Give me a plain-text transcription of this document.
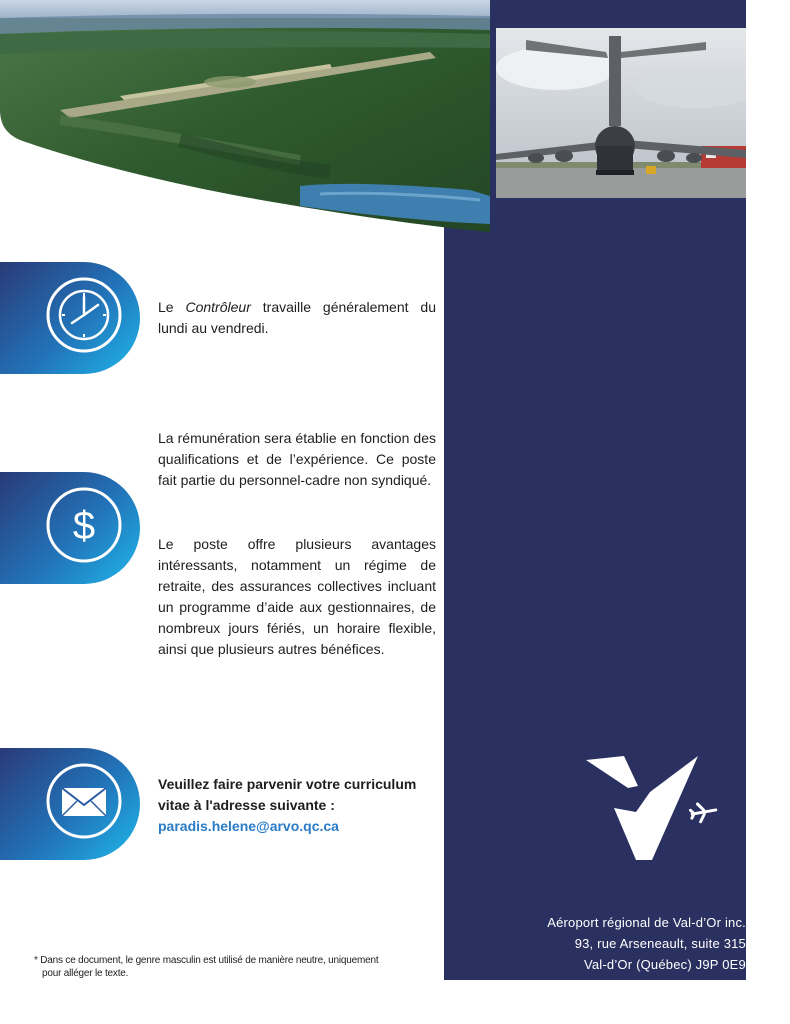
$

Le Contrôleur travaille généralement du lundi au vendredi.

La rémunération sera établie en fonction des qualifications et de l’expérience. Ce poste fait partie du personnel-cadre non syndiqué.

Le poste offre plusieurs avantages intéressants, notamment un régime de retraite, des assurances collectives incluant un programme d’aide aux gestionnaires, de nombreux jours fériés, un horaire flexible, ainsi que plusieurs autres bénéfices.

Veuillez faire parvenir votre curriculum
vitae à l'adresse suivante :
paradis.helene@arvo.qc.ca
* Dans ce document, le genre masculin est utilisé de manière neutre, uniquement
pour alléger le texte.
Aéroport régional de Val-d’Or inc.
93, rue Arseneault, suite 315
Val-d’Or (Québec) J9P 0E9
